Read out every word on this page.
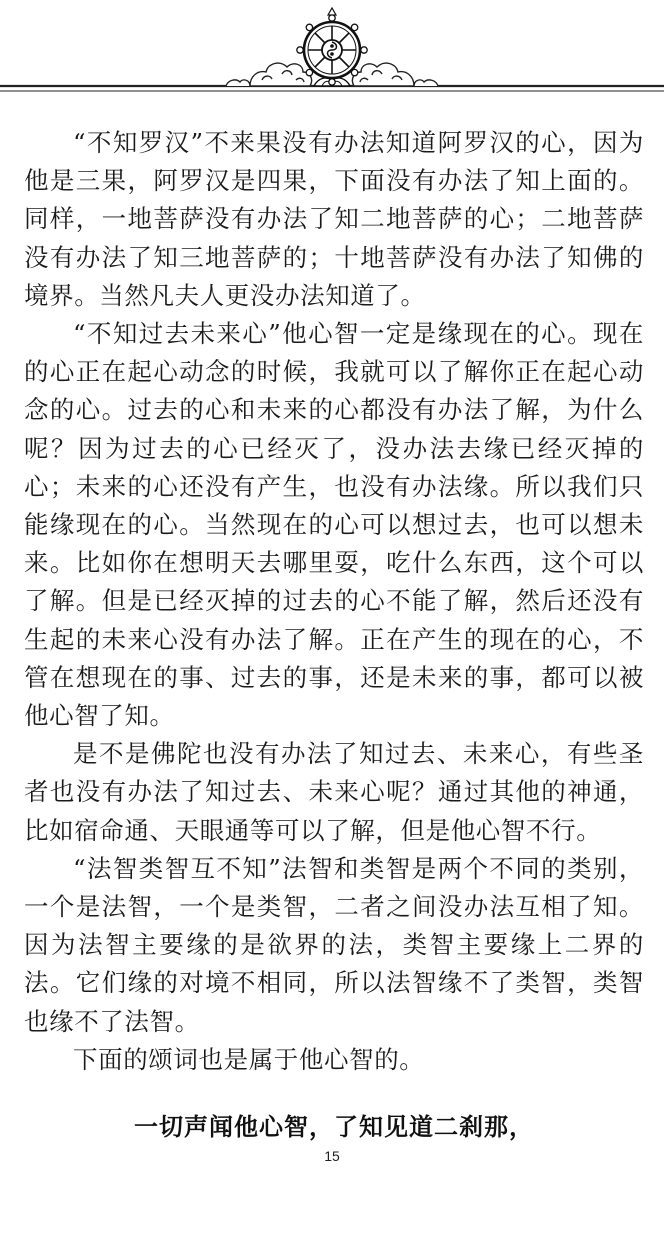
“不知罗汉”不来果没有办法知道阿罗汉的心，因为他是三果，阿罗汉是四果，下面没有办法了知上面的。同样，一地菩萨没有办法了知二地菩萨的心；二地菩萨没有办法了知三地菩萨的；十地菩萨没有办法了知佛的境界。当然凡夫人更没办法知道了。

“不知过去未来心”他心智一定是缘现在的心。现在的心正在起心动念的时候，我就可以了解你正在起心动念的心。过去的心和未来的心都没有办法了解，为什么呢？因为过去的心已经灭了，没办法去缘已经灭掉的心；未来的心还没有产生，也没有办法缘。所以我们只能缘现在的心。当然现在的心可以想过去，也可以想未来。比如你在想明天去哪里耍，吃什么东西，这个可以了解。但是已经灭掉的过去的心不能了解，然后还没有生起的未来心没有办法了解。正在产生的现在的心，不管在想现在的事、过去的事，还是未来的事，都可以被他心智了知。

是不是佛陀也没有办法了知过去、未来心，有些圣者也没有办法了知过去、未来心呢？通过其他的神通，比如宿命通、天眼通等可以了解，但是他心智不行。

“法智类智互不知”法智和类智是两个不同的类别，一个是法智，一个是类智，二者之间没办法互相了知。因为法智主要缘的是欲界的法，类智主要缘上二界的法。它们缘的对境不相同，所以法智缘不了类智，类智也缘不了法智。

下面的颂词也是属于他心智的。

一切声闻他心智，了知见道二刹那，

15
